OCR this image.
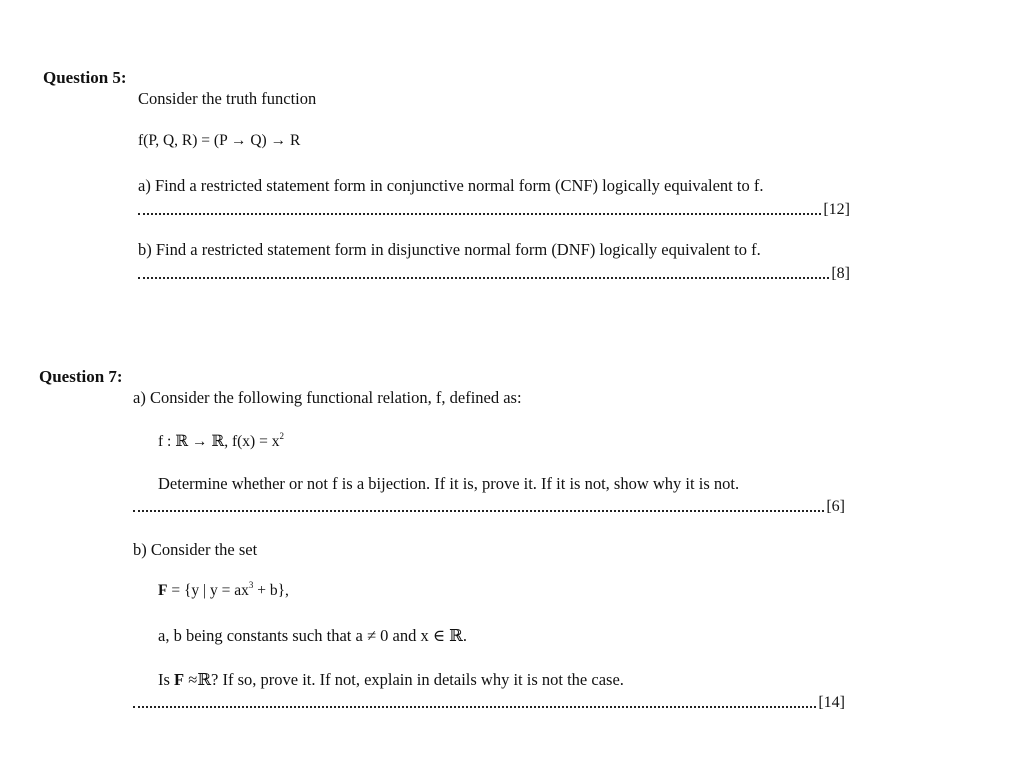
Question 5:
Consider the truth function
f(P, Q, R) = (P → Q) → R
a) Find a restricted statement form in conjunctive normal form (CNF) logically equivalent to f.
[12]
b) Find a restricted statement form in disjunctive normal form (DNF) logically equivalent to f.
[8]
Question 7:
a) Consider the following functional relation, f, defined as:
f : ℝ → ℝ, $f(x) = x^2$
Determine whether or not f is a bijection. If it is, prove it. If it is not, show why it is not.
[6]
b) Consider the set
F = {y | $y = ax^3 + b$},
a, b being constants such that a ≠ 0 and x ∈ ℝ.
Is F ≈ℝ? If so, prove it. If not, explain in details why it is not the case.
[14]
